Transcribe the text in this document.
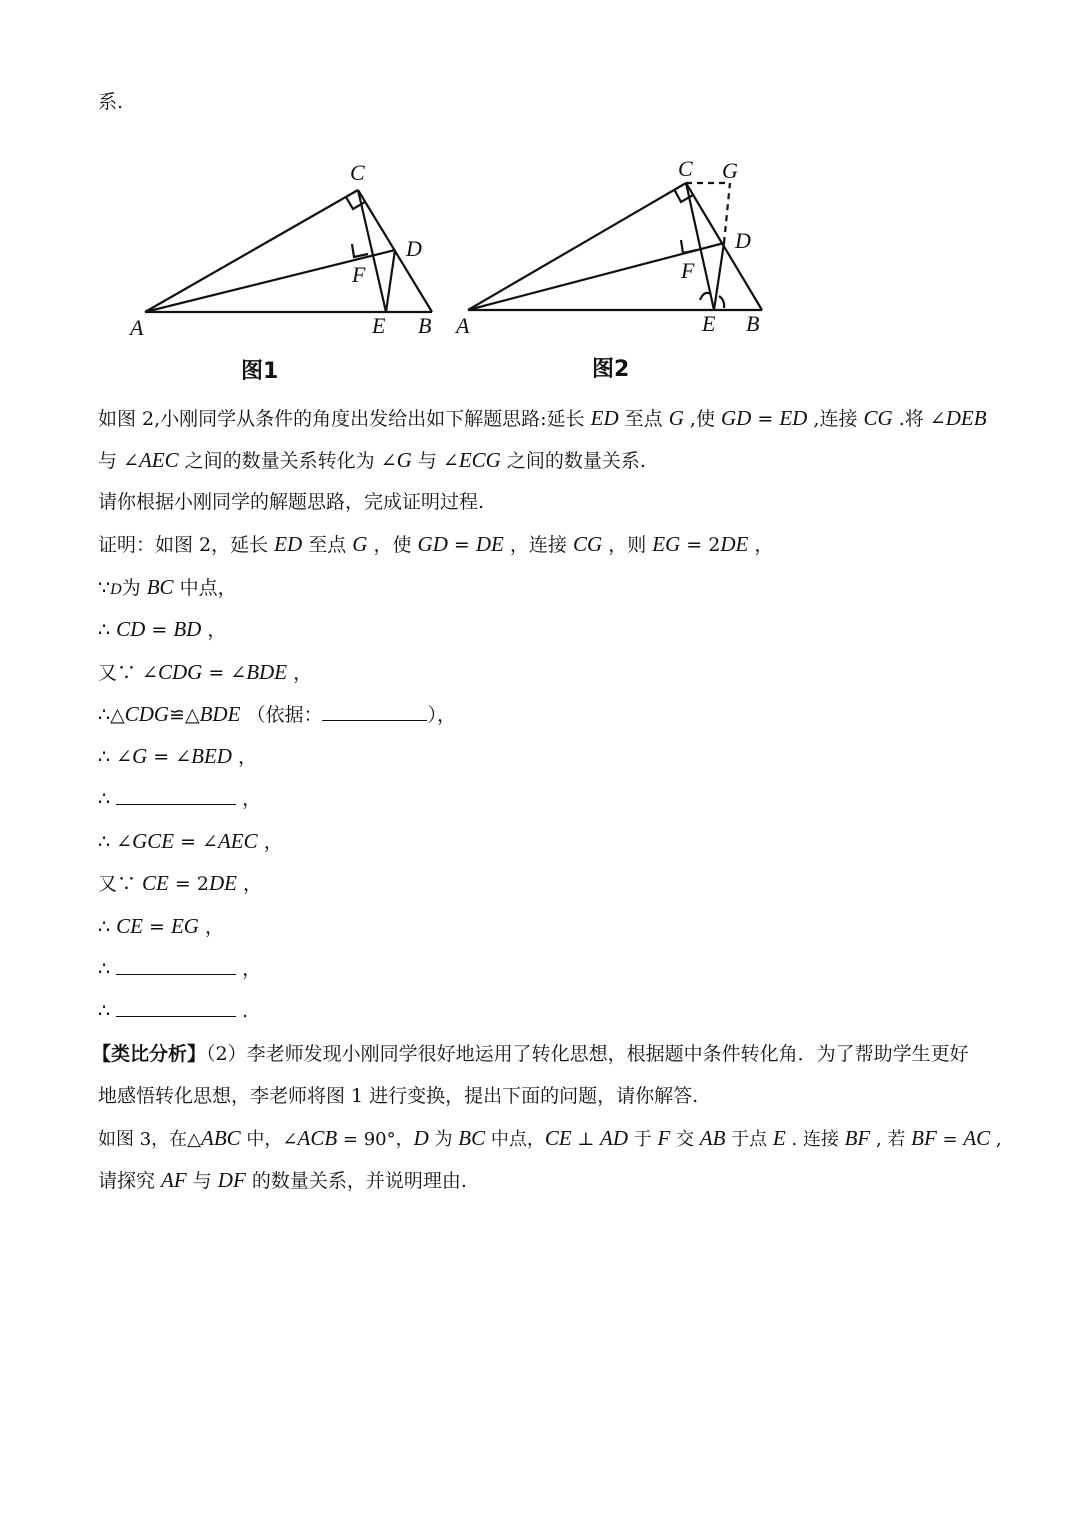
系.
A
C
D
F
E B
图1
A
C G
D
F
E B
图2
如图 2,小刚同学从条件的角度出发给出如下解题思路:延长 ED 至点 G ,使 GD = ED ,连接 CG .将 ∠DEB
与 ∠AEC 之间的数量关系转化为 ∠G 与 ∠ECG 之间的数量关系.
请你根据小刚同学的解题思路，完成证明过程.
证明：如图 2，延长 ED 至点 G ，使 GD = DE ，连接 CG ，则 EG = 2DE ，
∵D为 BC 中点，
∴ CD = BD ，
又∵ ∠CDG = ∠BDE ，
∴△CDG≌△BDE （依据：	），
∴ ∠G = ∠BED ，
∴	，
∴ ∠GCE = ∠AEC ，
又∵ CE = 2DE ，
∴ CE = EG ，
∴	，
∴	.
【类比分析】（2）李老师发现小刚同学很好地运用了转化思想，根据题中条件转化角．为了帮助学生更好
地感悟转化思想，李老师将图 1 进行变换，提出下面的问题，请你解答.
如图 3，在△ABC 中，∠ACB = 90°，D 为 BC 中点，CE ⊥ AD 于 F 交 AB 于点 E . 连接 BF , 若 BF = AC ,
请探究 AF 与 DF 的数量关系，并说明理由.
